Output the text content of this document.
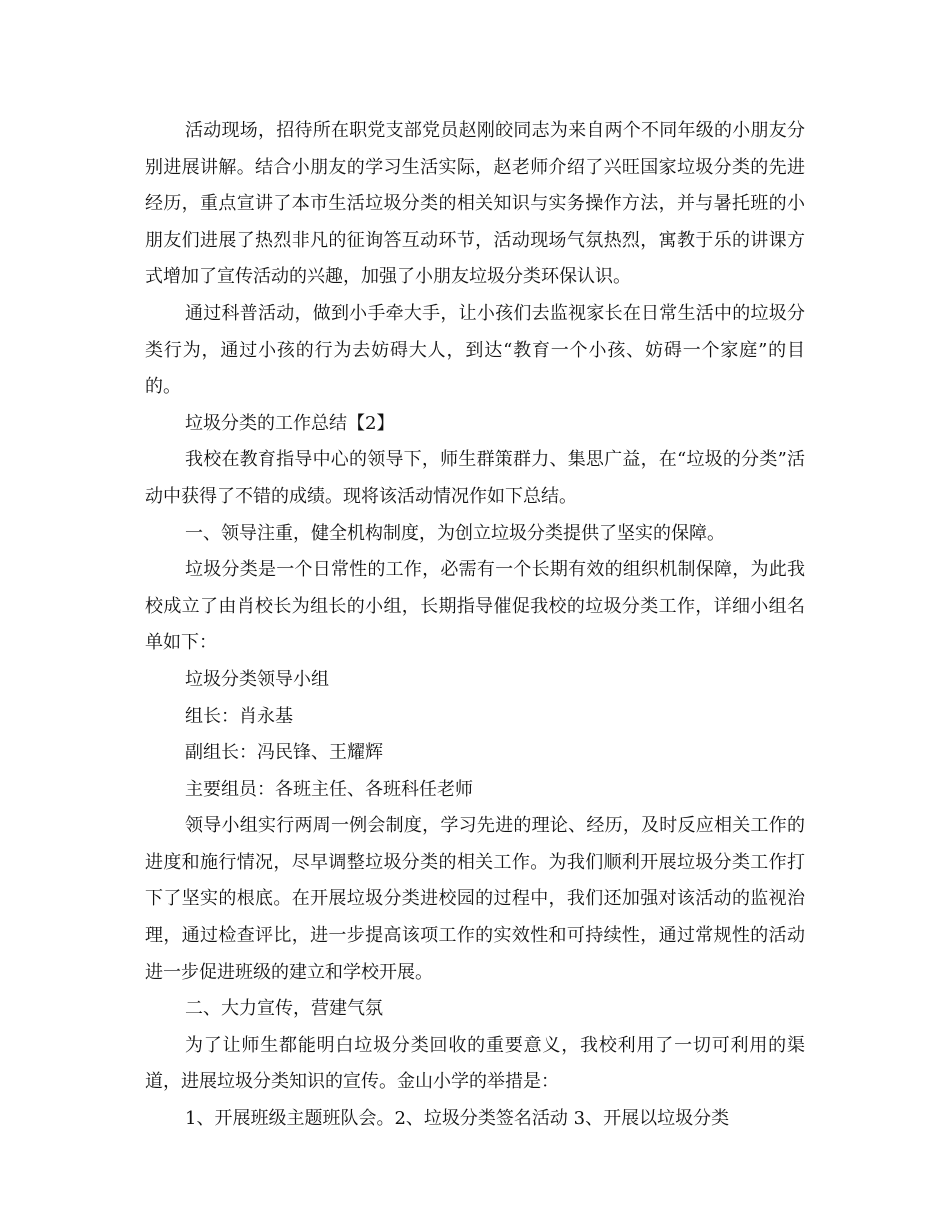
活动现场，招待所在职党支部党员赵刚皎同志为来自两个不同年级的小朋友分别进展讲解。结合小朋友的学习生活实际，赵老师介绍了兴旺国家垃圾分类的先进经历，重点宣讲了本市生活垃圾分类的相关知识与实务操作方法，并与暑托班的小朋友们进展了热烈非凡的征询答互动环节，活动现场气氛热烈，寓教于乐的讲课方式增加了宣传活动的兴趣，加强了小朋友垃圾分类环保认识。

通过科普活动，做到小手牵大手，让小孩们去监视家长在日常生活中的垃圾分类行为，通过小孩的行为去妨碍大人，到达“教育一个小孩、妨碍一个家庭”的目的。

垃圾分类的工作总结【2】

我校在教育指导中心的领导下，师生群策群力、集思广益，在“垃圾的分类”活动中获得了不错的成绩。现将该活动情况作如下总结。

一、领导注重，健全机构制度，为创立垃圾分类提供了坚实的保障。

垃圾分类是一个日常性的工作，必需有一个长期有效的组织机制保障，为此我校成立了由肖校长为组长的小组，长期指导催促我校的垃圾分类工作，详细小组名单如下：

垃圾分类领导小组

组长：肖永基

副组长：冯民锋、王耀辉

主要组员：各班主任、各班科任老师

领导小组实行两周一例会制度，学习先进的理论、经历，及时反应相关工作的进度和施行情况，尽早调整垃圾分类的相关工作。为我们顺利开展垃圾分类工作打下了坚实的根底。在开展垃圾分类进校园的过程中，我们还加强对该活动的监视治理，通过检查评比，进一步提高该项工作的实效性和可持续性，通过常规性的活动进一步促进班级的建立和学校开展。

二、大力宣传，营建气氛

为了让师生都能明白垃圾分类回收的重要意义，我校利用了一切可利用的渠道，进展垃圾分类知识的宣传。金山小学的举措是：

1、开展班级主题班队会。2、垃圾分类签名活动 3、开展以垃圾分类
